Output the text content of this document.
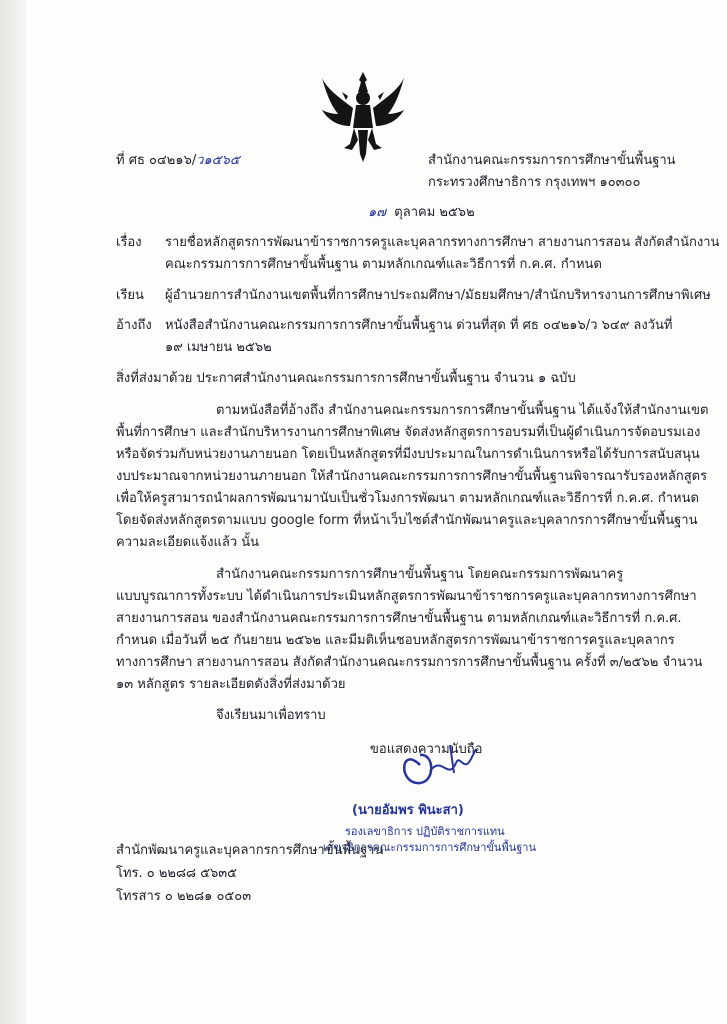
ที่ ศธ ๐๔๒๑๖/ว๑๕๖๕	สำนักงานคณะกรรมการการศึกษาขั้นพื้นฐาน
กระทรวงศึกษาธิการ กรุงเทพฯ ๑๐๓๐๐
๑๗ ตุลาคม ๒๕๖๒
เรื่อง รายชื่อหลักสูตรการพัฒนาข้าราชการครูและบุคลากรทางการศึกษา สายงานการสอน สังกัดสำนักงาน
คณะกรรมการการศึกษาขั้นพื้นฐาน ตามหลักเกณฑ์และวิธีการที่ ก.ค.ศ. กำหนด
เรียน ผู้อำนวยการสำนักงานเขตพื้นที่การศึกษาประถมศึกษา/มัธยมศึกษา/สำนักบริหารงานการศึกษาพิเศษ
อ้างถึง หนังสือสำนักงานคณะกรรมการการศึกษาขั้นพื้นฐาน ด่วนที่สุด ที่ ศธ ๐๔๒๑๖/ว ๖๔๙ ลงวันที่
๑๙ เมษายน ๒๕๖๒
สิ่งที่ส่งมาด้วย ประกาศสำนักงานคณะกรรมการการศึกษาขั้นพื้นฐาน จำนวน ๑ ฉบับ
ตามหนังสือที่อ้างถึง สำนักงานคณะกรรมการการศึกษาขั้นพื้นฐาน ได้แจ้งให้สำนักงานเขต
พื้นที่การศึกษา และสำนักบริหารงานการศึกษาพิเศษ จัดส่งหลักสูตรการอบรมที่เป็นผู้ดำเนินการจัดอบรมเอง
หรือจัดร่วมกับหน่วยงานภายนอก โดยเป็นหลักสูตรที่มีงบประมาณในการดำเนินการหรือได้รับการสนับสนุน
งบประมาณจากหน่วยงานภายนอก ให้สำนักงานคณะกรรมการการศึกษาขั้นพื้นฐานพิจารณารับรองหลักสูตร
เพื่อให้ครูสามารถนำผลการพัฒนามานับเป็นชั่วโมงการพัฒนา ตามหลักเกณฑ์และวิธีการที่ ก.ค.ศ. กำหนด
โดยจัดส่งหลักสูตรตามแบบ google form ที่หน้าเว็บไซต์สำนักพัฒนาครูและบุคลากรการศึกษาขั้นพื้นฐาน
ความละเอียดแจ้งแล้ว นั้น
สำนักงานคณะกรรมการการศึกษาขั้นพื้นฐาน โดยคณะกรรมการพัฒนาครู
แบบบูรณาการทั้งระบบ ได้ดำเนินการประเมินหลักสูตรการพัฒนาข้าราชการครูและบุคลากรทางการศึกษา
สายงานการสอน ของสำนักงานคณะกรรมการการศึกษาขั้นพื้นฐาน ตามหลักเกณฑ์และวิธีการที่ ก.ค.ศ.
กำหนด เมื่อวันที่ ๒๕ กันยายน ๒๕๖๒ และมีมติเห็นชอบหลักสูตรการพัฒนาข้าราชการครูและบุคลากร
ทางการศึกษา สายงานการสอน สังกัดสำนักงานคณะกรรมการการศึกษาขั้นพื้นฐาน ครั้งที่ ๓/๒๕๖๒ จำนวน
๑๓ หลักสูตร รายละเอียดดังสิ่งที่ส่งมาด้วย
จึงเรียนมาเพื่อทราบ
ขอแสดงความนับถือ
(นายอัมพร พินะสา)
รองเลขาธิการ ปฏิบัติราชการแทน
เลขาธิการคณะกรรมการการศึกษาขั้นพื้นฐาน
สำนักพัฒนาครูและบุคลากรการศึกษาขั้นพื้นฐาน
โทร. ๐ ๒๒๘๘ ๕๖๓๕
โทรสาร ๐ ๒๒๘๑ ๐๕๐๓
